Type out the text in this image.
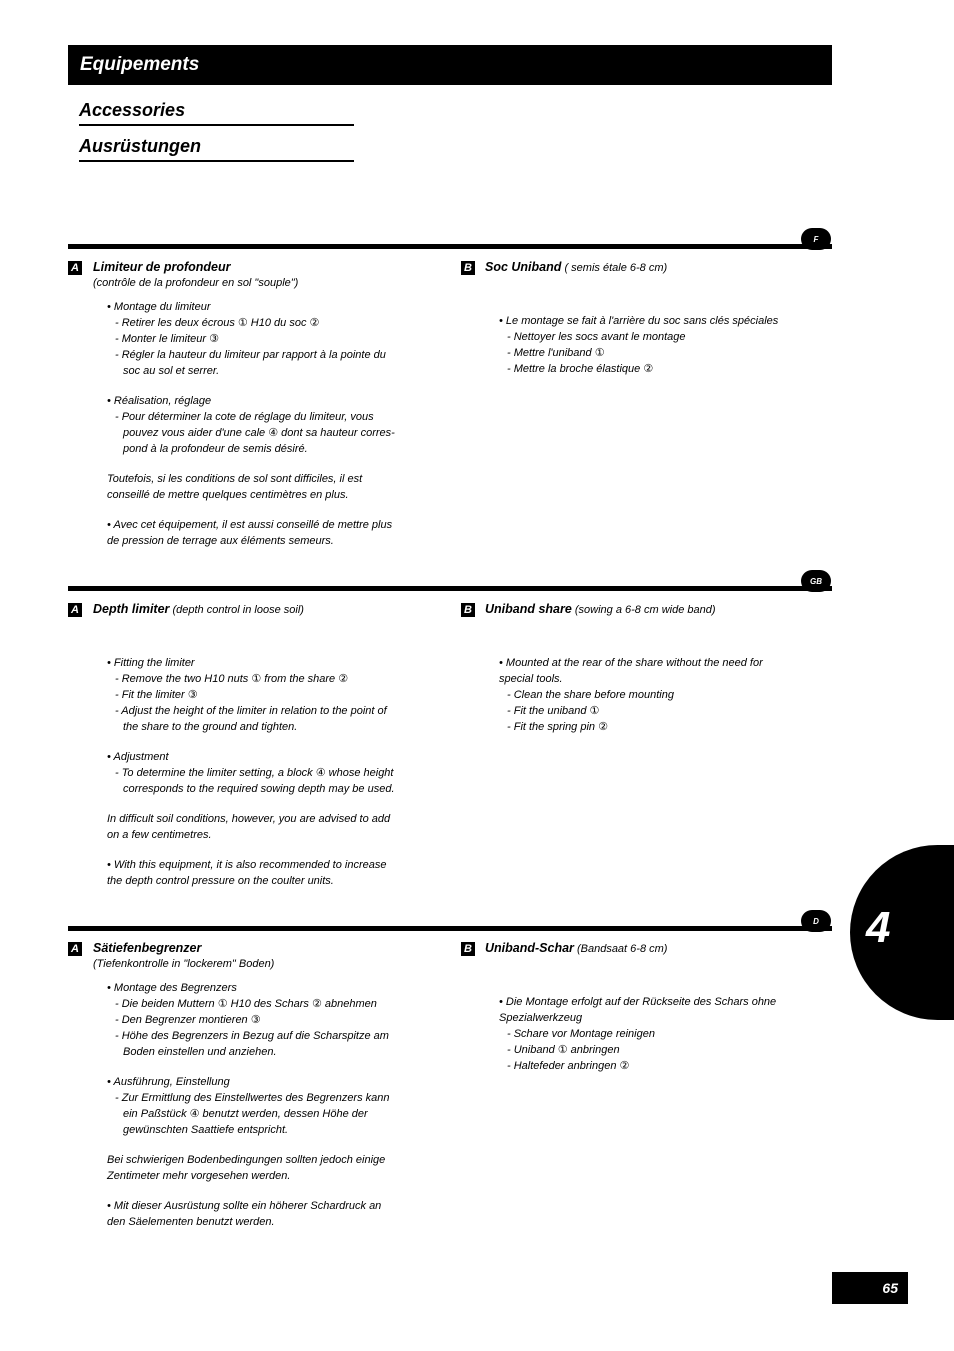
Equipements
Accessories
Ausrüstungen
F
A Limiteur de profondeur
(contrôle de la profondeur en sol "souple")
• Montage du limiteur
- Retirer les deux écrous ① H10 du soc ②
- Monter le limiteur ③
- Régler la hauteur du limiteur par rapport à la pointe du
soc au sol et serrer.
• Réalisation, réglage
- Pour déterminer la cote de réglage du limiteur, vous
pouvez vous aider d'une cale ④ dont sa hauteur corres-
pond à la profondeur de semis désiré.
Toutefois, si les conditions de sol sont difficiles, il est
conseillé de mettre quelques centimètres en plus.
• Avec cet équipement, il est aussi conseillé de mettre plus
de pression de terrage aux éléments semeurs.
B Soc Uniband ( semis étale 6-8 cm)
• Le montage se fait à l'arrière du soc sans clés spéciales
- Nettoyer les socs avant le montage
- Mettre l'uniband ①
- Mettre la broche élastique ②
GB
A Depth limiter (depth control in loose soil)
• Fitting the limiter
- Remove the two H10 nuts ① from the share ②
- Fit the limiter ③
- Adjust the height of the limiter in relation to the point of
the share to the ground and tighten.
• Adjustment
- To determine the limiter setting, a block ④ whose height
corresponds to the required sowing depth may be used.
In difficult soil conditions, however, you are advised to add
on a few centimetres.
• With this equipment, it is also recommended to increase
the depth control pressure on the coulter units.
B Uniband share (sowing a 6-8 cm wide band)
• Mounted at the rear of the share without the need for
special tools.
- Clean the share before mounting
- Fit the uniband ①
- Fit the spring pin ②
D
A Sätiefenbegrenzer
(Tiefenkontrolle in "lockerem" Boden)
• Montage des Begrenzers
- Die beiden Muttern ① H10 des Schars ② abnehmen
- Den Begrenzer montieren ③
- Höhe des Begrenzers in Bezug auf die Scharspitze am
Boden einstellen und anziehen.
• Ausführung, Einstellung
- Zur Ermittlung des Einstellwertes des Begrenzers kann
ein Paßstück ④ benutzt werden, dessen Höhe der
gewünschten Saattiefe entspricht.
Bei schwierigen Bodenbedingungen sollten jedoch einige
Zentimeter mehr vorgesehen werden.
• Mit dieser Ausrüstung sollte ein höherer Schardruck an
den Säelementen benutzt werden.
B Uniband-Schar (Bandsaat 6-8 cm)
• Die Montage erfolgt auf der Rückseite des Schars ohne
Spezialwerkzeug
- Schare vor Montage reinigen
- Uniband ① anbringen
- Haltefeder anbringen ②
4
65
